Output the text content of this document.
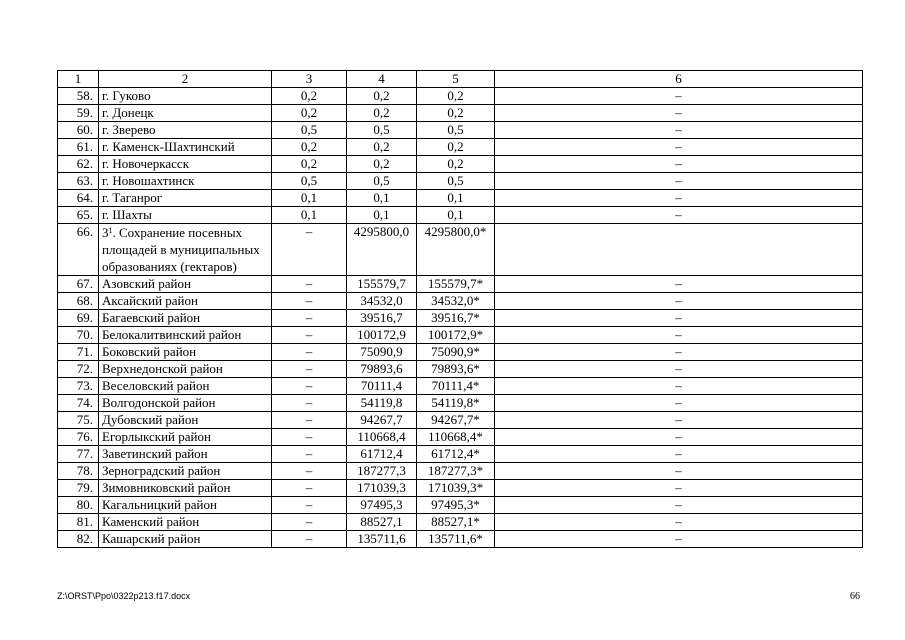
1	2	3	4	5	6
58.	г. Гуково	0,2	0,2	0,2	–
59.	г. Донецк	0,2	0,2	0,2	–
60.	г. Зверево	0,5	0,5	0,5	–
61.	г. Каменск-Шахтинский	0,2	0,2	0,2	–
62.	г. Новочеркасск	0,2	0,2	0,2	–
63.	г. Новошахтинск	0,5	0,5	0,5	–
64.	г. Таганрог	0,1	0,1	0,1	–
65.	г. Шахты	0,1	0,1	0,1	–
66.	$3^1$. Сохранение посевных площадей в муниципальных образованиях (гектаров)	–	4295800,0	4295800,0*	
67.	Азовский район	–	155579,7	155579,7*	–
68.	Аксайский район	–	34532,0	34532,0*	–
69.	Багаевский район	–	39516,7	39516,7*	–
70.	Белокалитвинский район	–	100172,9	100172,9*	–
71.	Боковский район	–	75090,9	75090,9*	–
72.	Верхнедонской район	–	79893,6	79893,6*	–
73.	Веселовский район	–	70111,4	70111,4*	–
74.	Волгодонской район	–	54119,8	54119,8*	–
75.	Дубовский район	–	94267,7	94267,7*	–
76.	Егорлыкский район	–	110668,4	110668,4*	–
77.	Заветинский район	–	61712,4	61712,4*	–
78.	Зерноградский район	–	187277,3	187277,3*	–
79.	Зимовниковский район	–	171039,3	171039,3*	–
80.	Кагальницкий район	–	97495,3	97495,3*	–
81.	Каменский район	–	88527,1	88527,1*	–
82.	Кашарский район	–	135711,6	135711,6*	–
Z:\ORST\Ppo\0322p213.f17.docx	66
